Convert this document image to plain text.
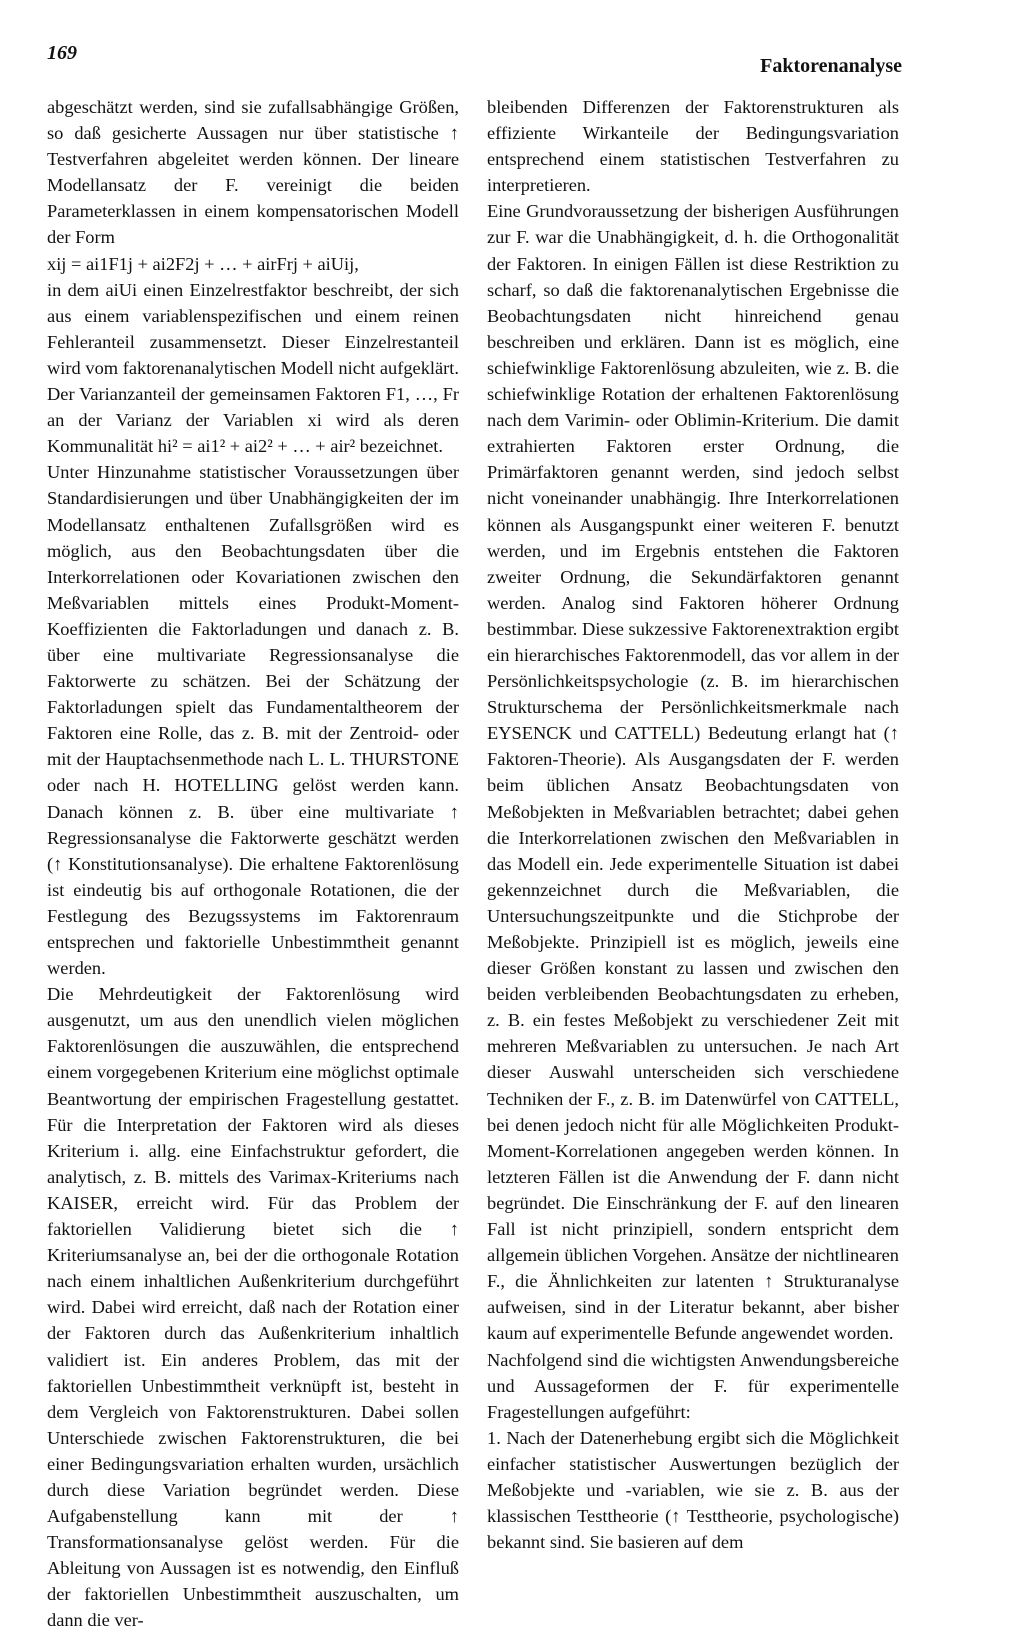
169
Faktorenanalyse

abgeschätzt werden, sind sie zufallsabhängige Größen, so daß gesicherte Aussagen nur über statistische ↑ Testverfahren abgeleitet werden können. Der lineare Modellansatz der F. vereinigt die beiden Parameterklassen in einem kompensatorischen Modell der Form

xij = ai1F1j + ai2F2j + … + airFrj + aiUij,

in dem aiUi einen Einzelrestfaktor beschreibt, der sich aus einem variablenspezifischen und einem reinen Fehleranteil zusammensetzt. Dieser Einzelrestanteil wird vom faktorenanalytischen Modell nicht aufgeklärt. Der Varianzanteil der gemeinsamen Faktoren F1, …, Fr an der Varianz der Variablen xi wird als deren Kommunalität hi² = ai1² + ai2² + … + air² bezeichnet.

Unter Hinzunahme statistischer Voraussetzungen über Standardisierungen und über Unabhängigkeiten der im Modellansatz enthaltenen Zufallsgrößen wird es möglich, aus den Beobachtungsdaten über die Interkorrelationen oder Kovariationen zwischen den Meßvariablen mittels eines Produkt-Moment-Koeffizienten die Faktorladungen und danach z. B. über eine multivariate Regressionsanalyse die Faktorwerte zu schätzen. Bei der Schätzung der Faktorladungen spielt das Fundamentaltheorem der Faktoren eine Rolle, das z. B. mit der Zentroid- oder mit der Hauptachsenmethode nach L. L. THURSTONE oder nach H. HOTELLING gelöst werden kann. Danach können z. B. über eine multivariate ↑ Regressionsanalyse die Faktorwerte geschätzt werden (↑ Konstitutionsanalyse). Die erhaltene Faktorenlösung ist eindeutig bis auf orthogonale Rotationen, die der Festlegung des Bezugssystems im Faktorenraum entsprechen und faktorielle Unbestimmtheit genannt werden.

Die Mehrdeutigkeit der Faktorenlösung wird ausgenutzt, um aus den unendlich vielen möglichen Faktorenlösungen die auszuwählen, die entsprechend einem vorgegebenen Kriterium eine möglichst optimale Beantwortung der empirischen Fragestellung gestattet. Für die Interpretation der Faktoren wird als dieses Kriterium i. allg. eine Einfachstruktur gefordert, die analytisch, z. B. mittels des Varimax-Kriteriums nach KAISER, erreicht wird. Für das Problem der faktoriellen Validierung bietet sich die ↑ Kriteriumsanalyse an, bei der die orthogonale Rotation nach einem inhaltlichen Außenkriterium durchgeführt wird. Dabei wird erreicht, daß nach der Rotation einer der Faktoren durch das Außenkriterium inhaltlich validiert ist. Ein anderes Problem, das mit der faktoriellen Unbestimmtheit verknüpft ist, besteht in dem Vergleich von Faktorenstrukturen. Dabei sollen Unterschiede zwischen Faktorenstrukturen, die bei einer Bedingungsvariation erhalten wurden, ursächlich durch diese Variation begründet werden. Diese Aufgabenstellung kann mit der ↑ Transformationsanalyse gelöst werden. Für die Ableitung von Aussagen ist es notwendig, den Einfluß der faktoriellen Unbestimmtheit auszuschalten, um dann die ver-

bleibenden Differenzen der Faktorenstrukturen als effiziente Wirkanteile der Bedingungsvariation entsprechend einem statistischen Testverfahren zu interpretieren.

Eine Grundvoraussetzung der bisherigen Ausführungen zur F. war die Unabhängigkeit, d. h. die Orthogonalität der Faktoren. In einigen Fällen ist diese Restriktion zu scharf, so daß die faktorenanalytischen Ergebnisse die Beobachtungsdaten nicht hinreichend genau beschreiben und erklären. Dann ist es möglich, eine schiefwinklige Faktorenlösung abzuleiten, wie z. B. die schiefwinklige Rotation der erhaltenen Faktorenlösung nach dem Varimin- oder Oblimin-Kriterium. Die damit extrahierten Faktoren erster Ordnung, die Primärfaktoren genannt werden, sind jedoch selbst nicht voneinander unabhängig. Ihre Interkorrelationen können als Ausgangspunkt einer weiteren F. benutzt werden, und im Ergebnis entstehen die Faktoren zweiter Ordnung, die Sekundärfaktoren genannt werden. Analog sind Faktoren höherer Ordnung bestimmbar. Diese sukzessive Faktorenextraktion ergibt ein hierarchisches Faktorenmodell, das vor allem in der Persönlichkeitspsychologie (z. B. im hierarchischen Strukturschema der Persönlichkeitsmerkmale nach EYSENCK und CATTELL) Bedeutung erlangt hat (↑ Faktoren-Theorie). Als Ausgangsdaten der F. werden beim üblichen Ansatz Beobachtungsdaten von Meßobjekten in Meßvariablen betrachtet; dabei gehen die Interkorrelationen zwischen den Meßvariablen in das Modell ein. Jede experimentelle Situation ist dabei gekennzeichnet durch die Meßvariablen, die Untersuchungszeitpunkte und die Stichprobe der Meßobjekte. Prinzipiell ist es möglich, jeweils eine dieser Größen konstant zu lassen und zwischen den beiden verbleibenden Beobachtungsdaten zu erheben, z. B. ein festes Meßobjekt zu verschiedener Zeit mit mehreren Meßvariablen zu untersuchen. Je nach Art dieser Auswahl unterscheiden sich verschiedene Techniken der F., z. B. im Datenwürfel von CATTELL, bei denen jedoch nicht für alle Möglichkeiten Produkt-Moment-Korrelationen angegeben werden können. In letzteren Fällen ist die Anwendung der F. dann nicht begründet. Die Einschränkung der F. auf den linearen Fall ist nicht prinzipiell, sondern entspricht dem allgemein üblichen Vorgehen. Ansätze der nichtlinearen F., die Ähnlichkeiten zur latenten ↑ Strukturanalyse aufweisen, sind in der Literatur bekannt, aber bisher kaum auf experimentelle Befunde angewendet worden.

Nachfolgend sind die wichtigsten Anwendungsbereiche und Aussageformen der F. für experimentelle Fragestellungen aufgeführt:

1. Nach der Datenerhebung ergibt sich die Möglichkeit einfacher statistischer Auswertungen bezüglich der Meßobjekte und -variablen, wie sie z. B. aus der klassischen Testtheorie (↑ Testtheorie, psychologische) bekannt sind. Sie basieren auf dem
